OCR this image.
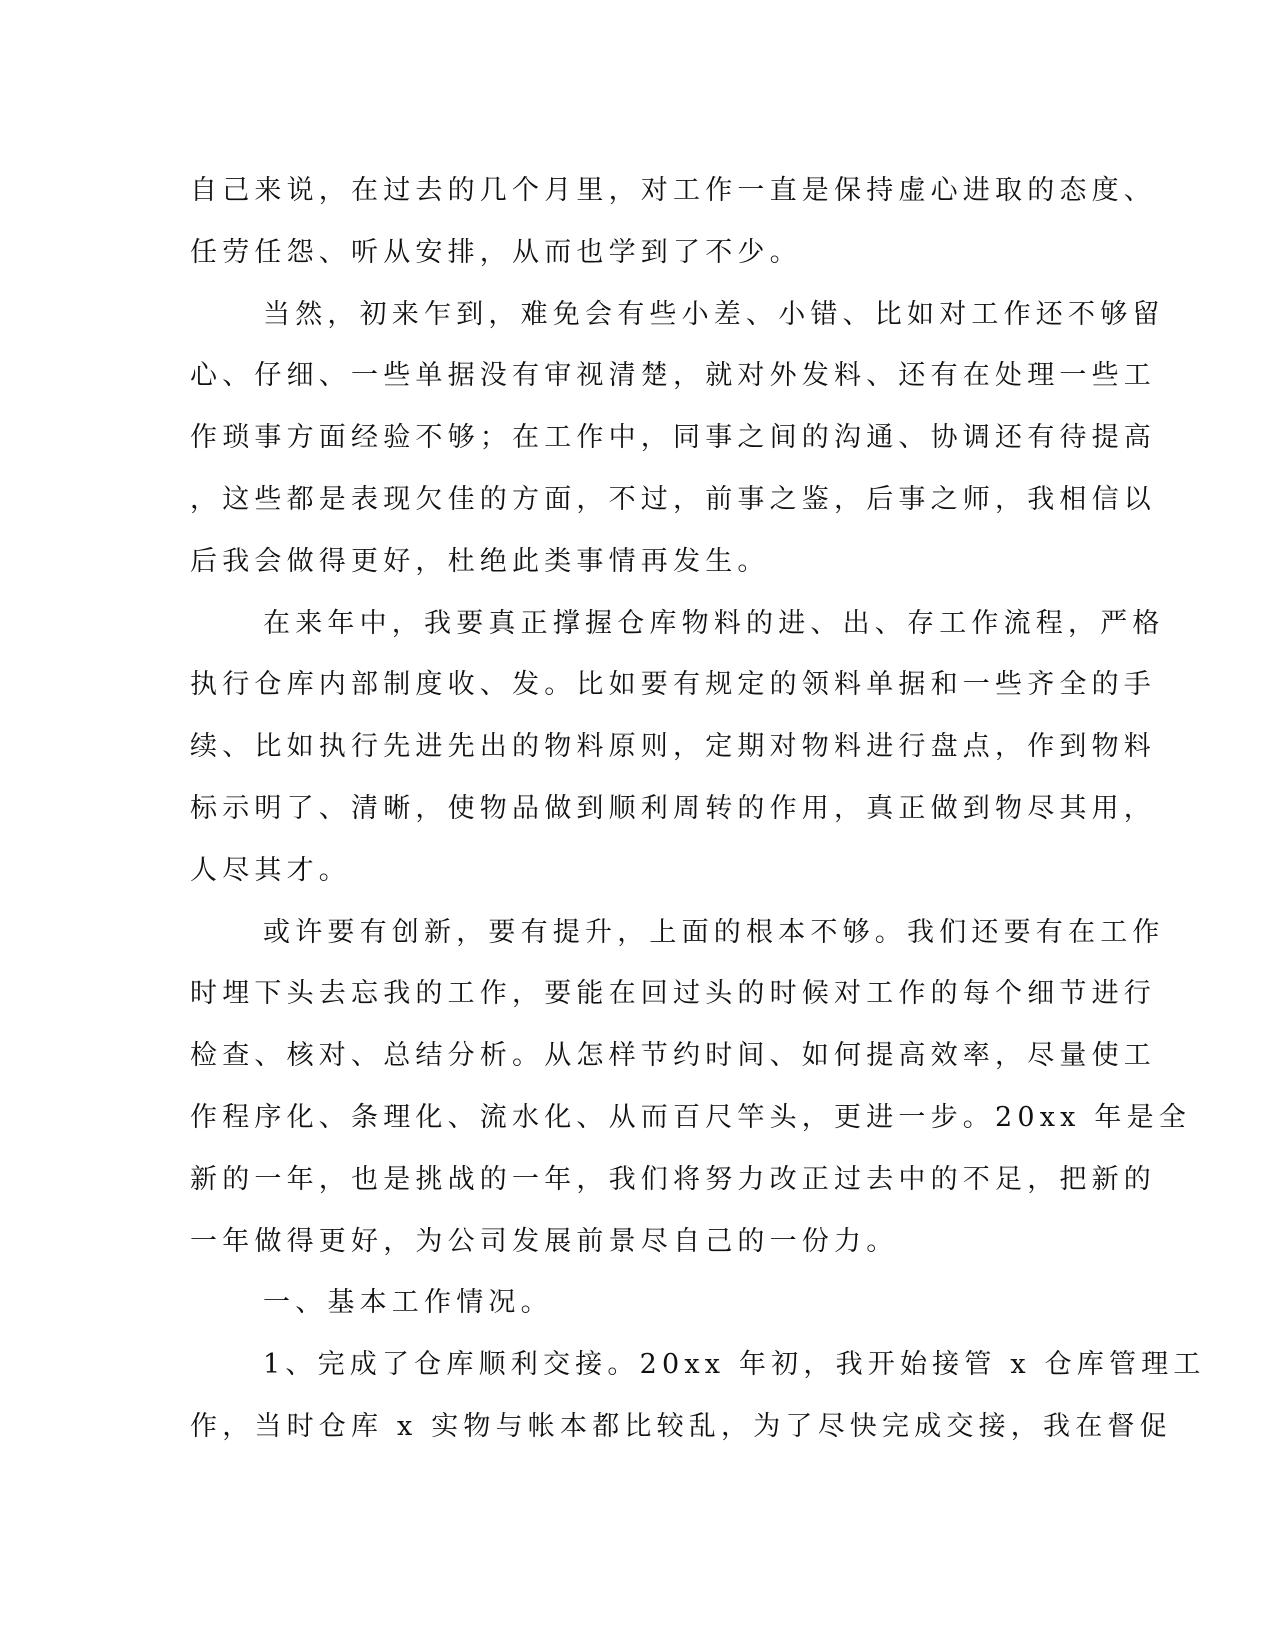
自己来说，在过去的几个月里，对工作一直是保持虚心进取的态度、
任劳任怨、听从安排，从而也学到了不少。
当然，初来乍到，难免会有些小差、小错、比如对工作还不够留
心、仔细、一些单据没有审视清楚，就对外发料、还有在处理一些工
作琐事方面经验不够；在工作中，同事之间的沟通、协调还有待提高
，这些都是表现欠佳的方面，不过，前事之鉴，后事之师，我相信以
后我会做得更好，杜绝此类事情再发生。
在来年中，我要真正撑握仓库物料的进、出、存工作流程，严格
执行仓库内部制度收、发。比如要有规定的领料单据和一些齐全的手
续、比如执行先进先出的物料原则，定期对物料进行盘点，作到物料
标示明了、清晰，使物品做到顺利周转的作用，真正做到物尽其用，
人尽其才。
或许要有创新，要有提升，上面的根本不够。我们还要有在工作
时埋下头去忘我的工作，要能在回过头的时候对工作的每个细节进行
检查、核对、总结分析。从怎样节约时间、如何提高效率，尽量使工
作程序化、条理化、流水化、从而百尺竿头，更进一步。20xx 年是全
新的一年，也是挑战的一年，我们将努力改正过去中的不足，把新的
一年做得更好，为公司发展前景尽自己的一份力。
一、基本工作情况。
1、完成了仓库顺利交接。20xx 年初，我开始接管 x 仓库管理工
作，当时仓库 x 实物与帐本都比较乱，为了尽快完成交接，我在督促
